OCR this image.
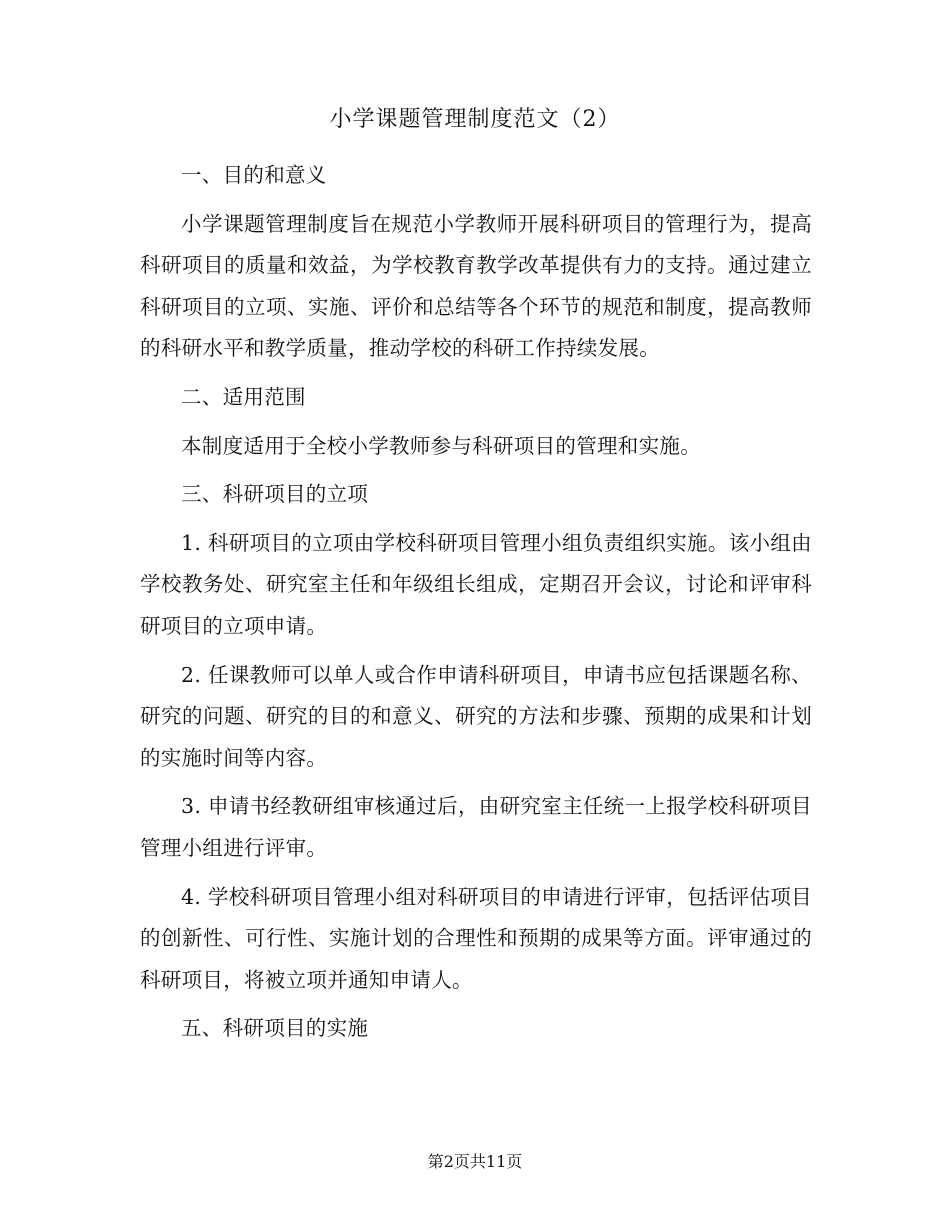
小学课题管理制度范文（2）

一、目的和意义

小学课题管理制度旨在规范小学教师开展科研项目的管理行为，提高科研项目的质量和效益，为学校教育教学改革提供有力的支持。通过建立科研项目的立项、实施、评价和总结等各个环节的规范和制度，提高教师的科研水平和教学质量，推动学校的科研工作持续发展。

二、适用范围

本制度适用于全校小学教师参与科研项目的管理和实施。

三、科研项目的立项

1. 科研项目的立项由学校科研项目管理小组负责组织实施。该小组由学校教务处、研究室主任和年级组长组成，定期召开会议，讨论和评审科研项目的立项申请。

2. 任课教师可以单人或合作申请科研项目，申请书应包括课题名称、研究的问题、研究的目的和意义、研究的方法和步骤、预期的成果和计划的实施时间等内容。

3. 申请书经教研组审核通过后，由研究室主任统一上报学校科研项目管理小组进行评审。

4. 学校科研项目管理小组对科研项目的申请进行评审，包括评估项目的创新性、可行性、实施计划的合理性和预期的成果等方面。评审通过的科研项目，将被立项并通知申请人。

五、科研项目的实施

第2页共11页
